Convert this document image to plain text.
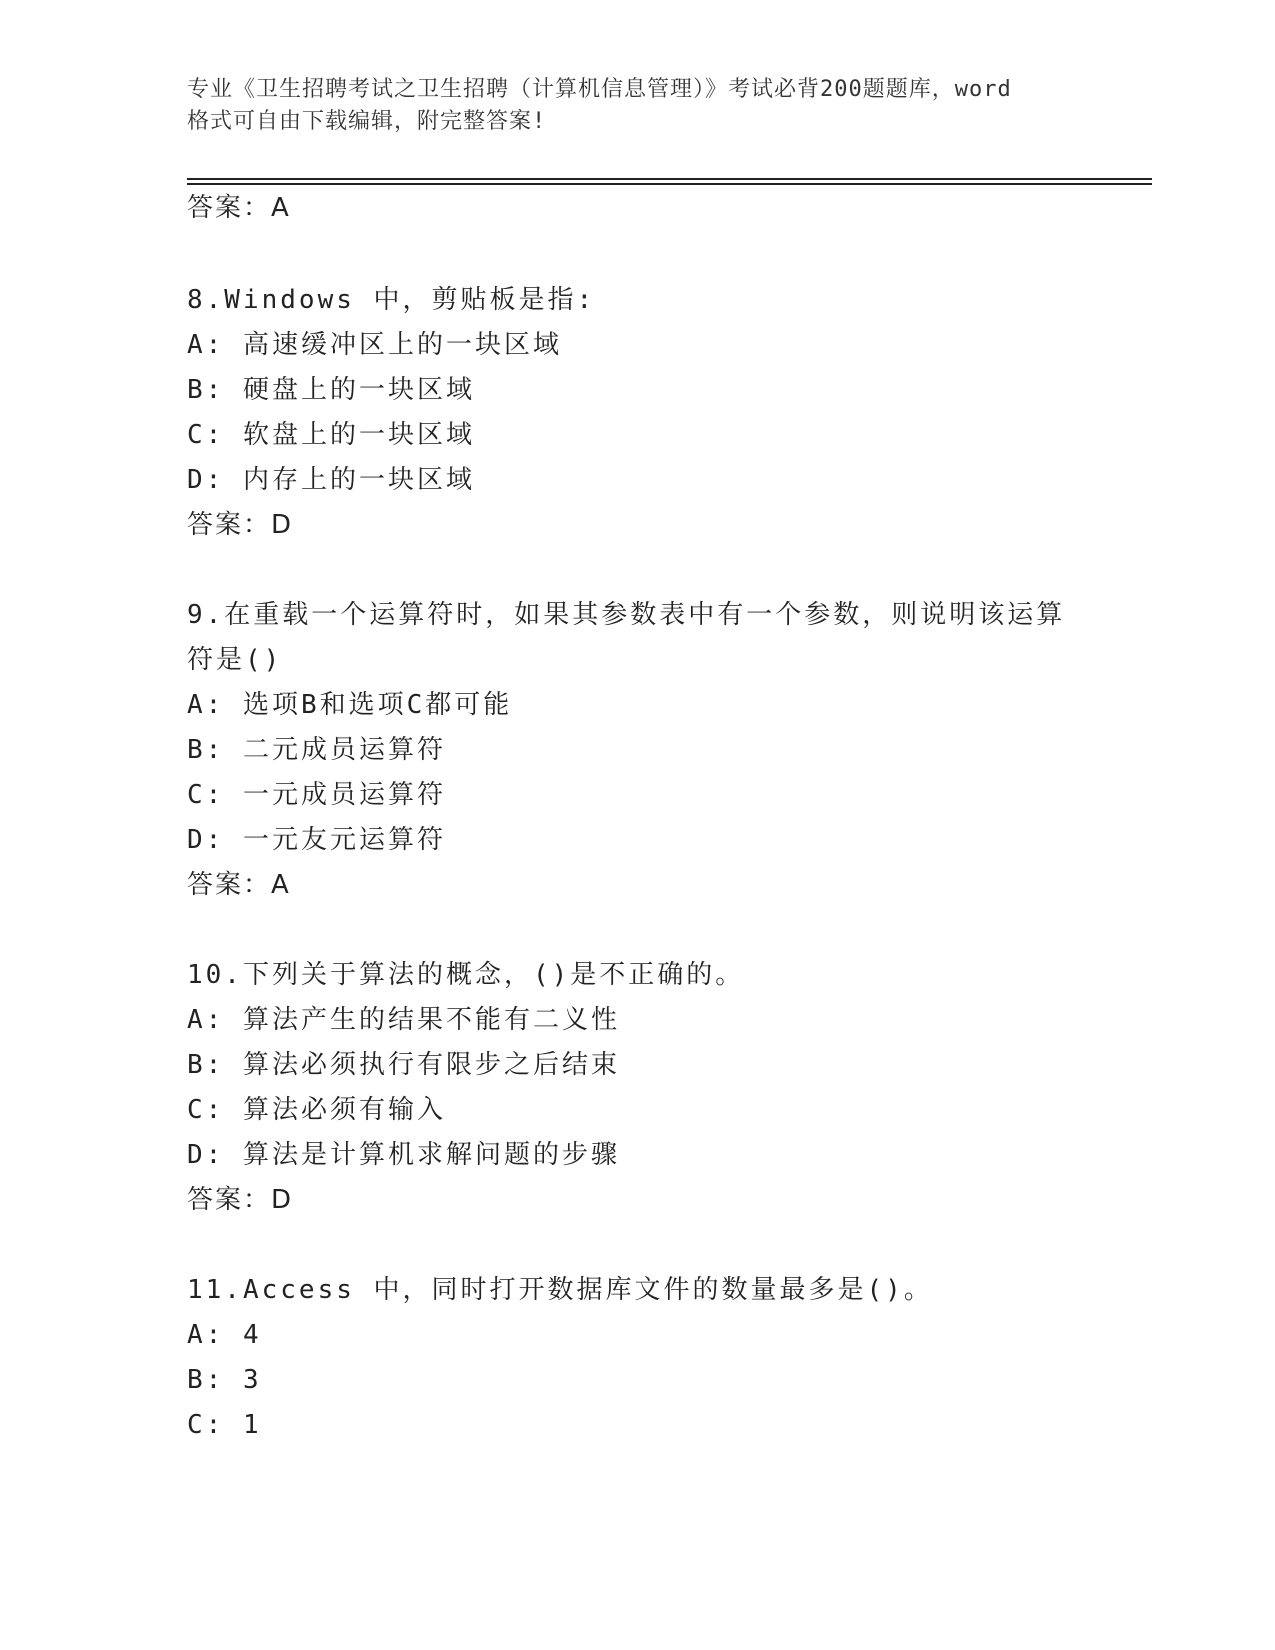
专业《卫生招聘考试之卫生招聘（计算机信息管理）》考试必背200题题库，word
格式可自由下载编辑，附完整答案!
答案：A
8.Windows 中，剪贴板是指:
A: 高速缓冲区上的一块区域
B: 硬盘上的一块区域
C: 软盘上的一块区域
D: 内存上的一块区域
答案：D
9.在重载一个运算符时，如果其参数表中有一个参数，则说明该运算
符是()
A: 选项B和选项C都可能
B: 二元成员运算符
C: 一元成员运算符
D: 一元友元运算符
答案：A
10.下列关于算法的概念，()是不正确的。
A: 算法产生的结果不能有二义性
B: 算法必须执行有限步之后结束
C: 算法必须有输入
D: 算法是计算机求解问题的步骤
答案：D
11.Access 中，同时打开数据库文件的数量最多是()。
A: 4
B: 3
C: 1
